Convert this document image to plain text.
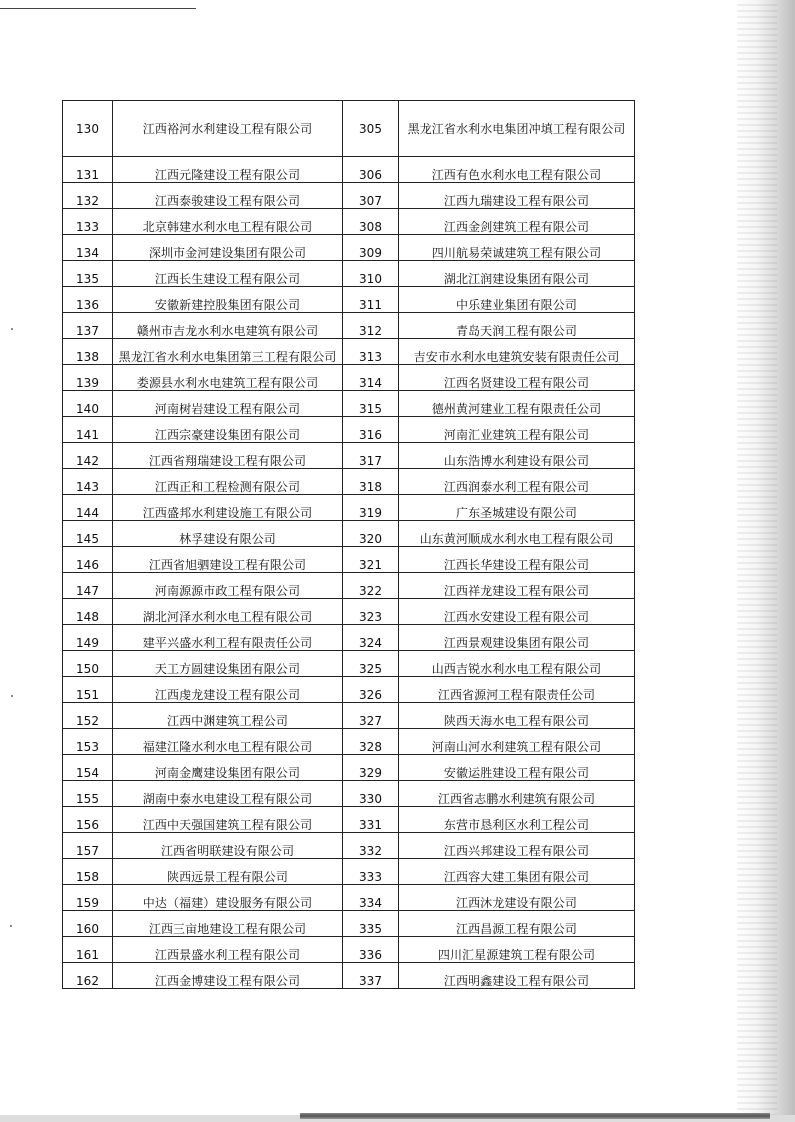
130	江西裕河水利建设工程有限公司	305	黑龙江省水利水电集团冲填工程有限公司
131	江西元隆建设工程有限公司	306	江西有色水利水电工程有限公司
132	江西泰骏建设工程有限公司	307	江西九瑞建设工程有限公司
133	北京韩建水利水电工程有限公司	308	江西金剑建筑工程有限公司
134	深圳市金河建设集团有限公司	309	四川航易荣诚建筑工程有限公司
135	江西长生建设工程有限公司	310	湖北江润建设集团有限公司
136	安徽新建控股集团有限公司	311	中乐建业集团有限公司
137	赣州市吉龙水利水电建筑有限公司	312	青岛天润工程有限公司
138	黑龙江省水利水电集团第三工程有限公司	313	吉安市水利水电建筑安装有限责任公司
139	娄源县水利水电建筑工程有限公司	314	江西名贤建设工程有限公司
140	河南树岩建设工程有限公司	315	德州黄河建业工程有限责任公司
141	江西宗豪建设集团有限公司	316	河南汇业建筑工程有限公司
142	江西省翔瑞建设工程有限公司	317	山东浩博水利建设有限公司
143	江西正和工程检测有限公司	318	江西润泰水利工程有限公司
144	江西盛邦水利建设施工有限公司	319	广东圣城建设有限公司
145	林孚建设有限公司	320	山东黄河顺成水利水电工程有限公司
146	江西省旭驷建设工程有限公司	321	江西长华建设工程有限公司
147	河南源源市政工程有限公司	322	江西祥龙建设工程有限公司
148	湖北河泽水利水电工程有限公司	323	江西水安建设工程有限公司
149	建平兴盛水利工程有限责任公司	324	江西景观建设集团有限公司
150	天工方圆建设集团有限公司	325	山西吉锐水利水电工程有限公司
151	江西虔龙建设工程有限公司	326	江西省源河工程有限责任公司
152	江西中渊建筑工程公司	327	陕西天海水电工程有限公司
153	福建江隆水利水电工程有限公司	328	河南山河水利建筑工程有限公司
154	河南金鹰建设集团有限公司	329	安徽运胜建设工程有限公司
155	湖南中泰水电建设工程有限公司	330	江西省志鹏水利建筑有限公司
156	江西中天强国建筑工程有限公司	331	东营市恳利区水利工程公司
157	江西省明联建设有限公司	332	江西兴邦建设工程有限公司
158	陕西远景工程有限公司	333	江西容大建工集团有限公司
159	中达（福建）建设服务有限公司	334	江西沐龙建设有限公司
160	江西三亩地建设工程有限公司	335	江西昌源工程有限公司
161	江西景盛水利工程有限公司	336	四川汇星源建筑工程有限公司
162	江西金博建设工程有限公司	337	江西明鑫建设工程有限公司
